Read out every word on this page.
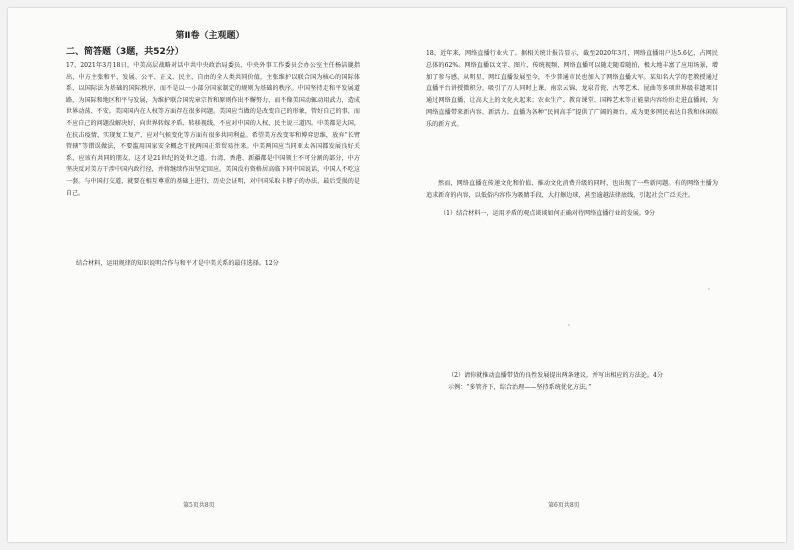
第Ⅱ卷（主观题）
二、简答题（3题，共52分）
17、2021年3月18日，中美高层战略对话中共中央政治局委员、中央外事工作委员会办公室主任杨洁篪指出，中方主张和平、发展、公平、正义、民主、自由的全人类共同价值，主张维护以联合国为核心的国际体系、以国际法为基础的国际秩序，而不是以一小部分国家制定的规则为基础的秩序。中国坚持走和平发展道路，为国际和地区和平与发展，为维护联合国宪章宗旨和原则作出不懈努力，而不像美国动辄动用武力，造成世界动荡、不安。美国国内在人权等方面存在很多问题。美国应当做的是改变自己的形象，管好自己的事，而不应自己的问题没解决好，向世界转嫁矛盾、转移视线，不应对中国的人权、民主说三道四。中美都是大国，在抗击疫情、实现复工复产、应对气候变化等方面有很多共同利益。希望美方改变零和博弈思维，放弃“长臂管辖”等错误做法，不要滥用国家安全概念干扰两国正常贸易往来。中美两国应当同亚太各国都发展良好关系，应该有共同的朋友，这才是21世纪的处世之道。台湾、香港、新疆都是中国领土不可分割的部分，中方坚决反对美方干涉中国内政行径，并将继续作出坚定回应。美国没有资格居高临下同中国说话，中国人不吃这一套。与中国打交道，就要在相互尊重的基础上进行，历史会证明，对中国采取卡脖子的办法，最后受损的是自己。
结合材料，运用规律的知识说明合作与和平才是中美关系的最佳选择。12分
18、近年来，网络直播行业火了。据相关统计报告显示，截至2020年3月，网络直播用户达5.6亿，占网民总体的62%。网络直播以文字、图片、传统视频，网络直播可以随走随看随拍，极大地丰富了应用场景，增加了参与感，从明星、网红直播发展至今，不少普通市民也加入了网络直播大军。某知名大学的老教授通过直播平台讲授微积分，吸引了万人同时上课，南京云锦、龙泉青瓷、古琴艺术、昆曲等多项世界级非遗项目通过网络直播，让高大上的文化火起来；农业生产、教育课堂、国粹艺术等正能量内容纷纷走进直播间，为网络直播带来新内容、新活力。直播为各种“民间高手”提供了广阔的舞台，成为更多网民表达自我和休闲娱乐的新方式。
然而，网络直播在传递文化和价值、推动文化消费升级的同时，也出现了一些新问题。有的网络主播为追求新奇的内容，以低俗内容作为吸睛手段，大打擦边球，甚至逾越法律底线，引起社会广泛关注。
（1）结合材料一，运用矛盾的观点谈谈如何正确对待网络直播行业的发展。9分
（2）请你就推动直播带货的良性发展提出两条建议，并写出相应的方法论。4分
示例：“多管齐下，综合治理——坚持系统优化方法。”
第5页共8页	第6页共8页
